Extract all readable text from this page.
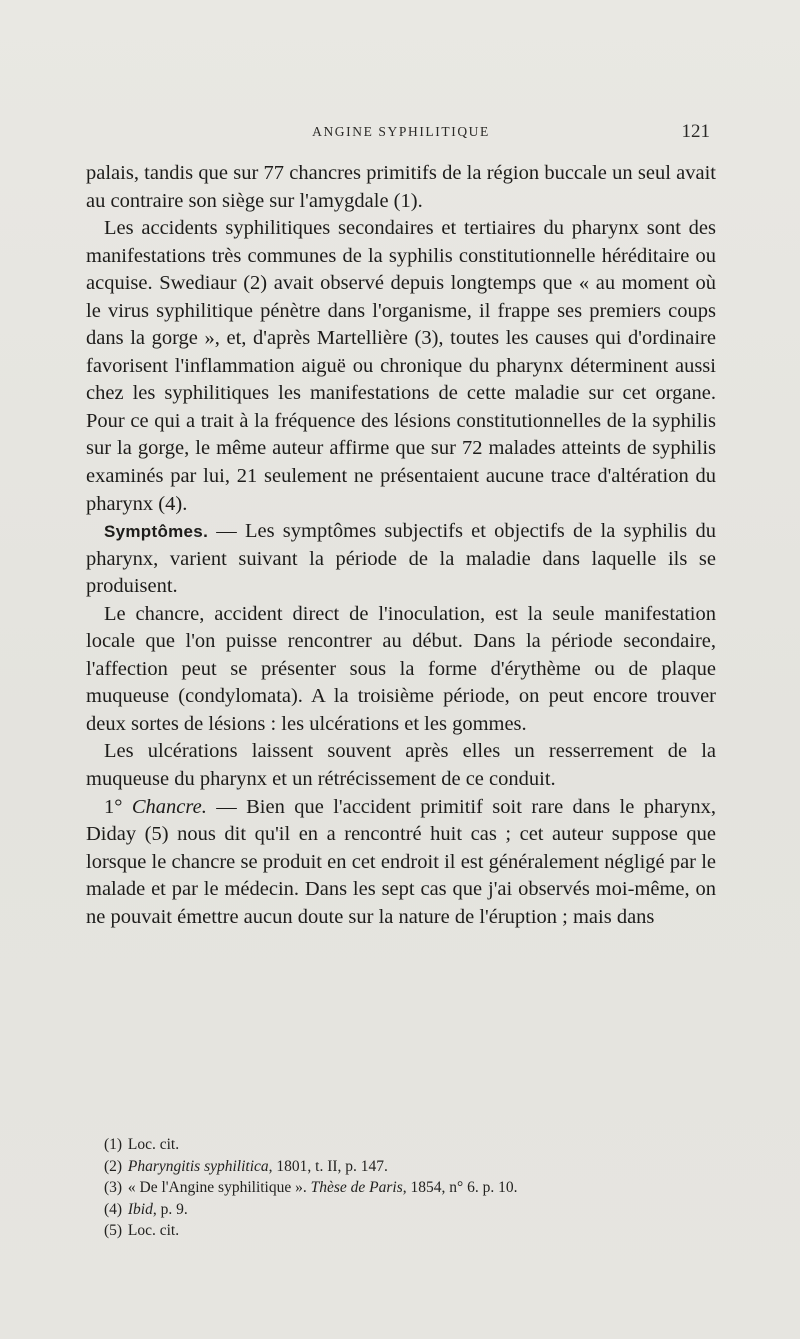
ANGINE SYPHILITIQUE	121

palais, tandis que sur 77 chancres primitifs de la région buccale un seul avait au contraire son siège sur l'amygdale (1).

Les accidents syphilitiques secondaires et tertiaires du pharynx sont des manifestations très communes de la syphilis constitutionnelle héréditaire ou acquise. Swediaur (2) avait observé depuis longtemps que « au moment où le virus syphilitique pénètre dans l'organisme, il frappe ses premiers coups dans la gorge », et, d'après Martellière (3), toutes les causes qui d'ordinaire favorisent l'inflammation aiguë ou chronique du pharynx déterminent aussi chez les syphilitiques les manifestations de cette maladie sur cet organe. Pour ce qui a trait à la fréquence des lésions constitutionnelles de la syphilis sur la gorge, le même auteur affirme que sur 72 malades atteints de syphilis examinés par lui, 21 seulement ne présentaient aucune trace d'altération du pharynx (4).

Symptômes. — Les symptômes subjectifs et objectifs de la syphilis du pharynx, varient suivant la période de la maladie dans laquelle ils se produisent.

Le chancre, accident direct de l'inoculation, est la seule manifestation locale que l'on puisse rencontrer au début. Dans la période secondaire, l'affection peut se présenter sous la forme d'érythème ou de plaque muqueuse (condylomata). A la troisième période, on peut encore trouver deux sortes de lésions : les ulcérations et les gommes.

Les ulcérations laissent souvent après elles un resserrement de la muqueuse du pharynx et un rétrécissement de ce conduit.

1° Chancre. — Bien que l'accident primitif soit rare dans le pharynx, Diday (5) nous dit qu'il en a rencontré huit cas ; cet auteur suppose que lorsque le chancre se produit en cet endroit il est généralement négligé par le malade et par le médecin. Dans les sept cas que j'ai observés moi-même, on ne pouvait émettre aucun doute sur la nature de l'éruption ; mais dans

(1) Loc. cit.

(2) Pharyngitis syphilitica, 1801, t. II, p. 147.

(3) « De l'Angine syphilitique ». Thèse de Paris, 1854, n° 6. p. 10.

(4) Ibid, p. 9.

(5) Loc. cit.
